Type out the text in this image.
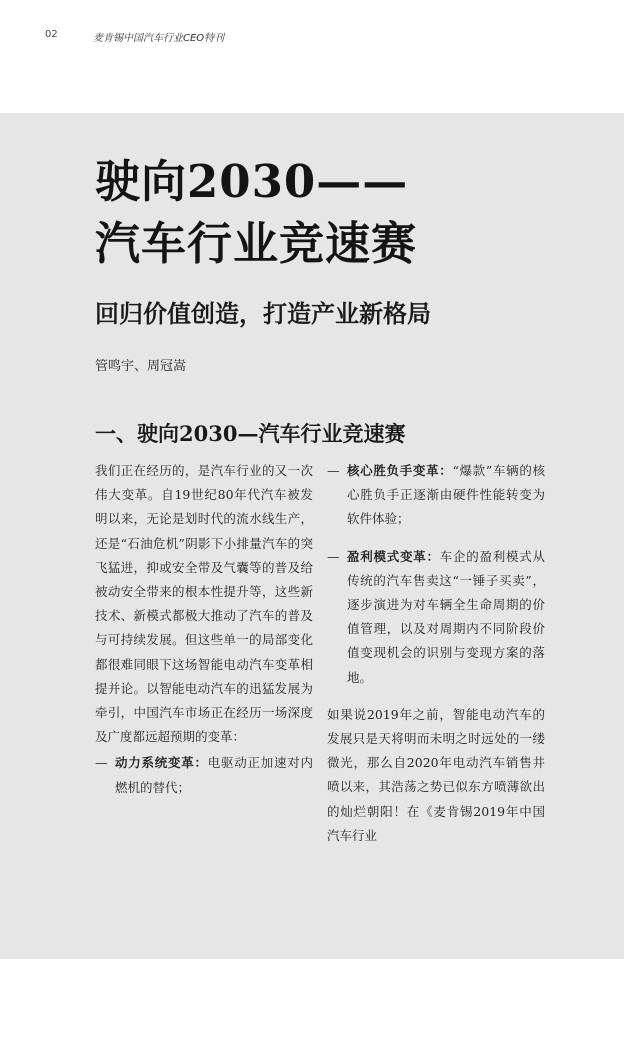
02	麦肯锡中国汽车行业CEO特刊
驶向2030——
汽车行业竞速赛
回归价值创造，打造产业新格局
管鸣宇、周冠嵩
一、驶向2030—汽车行业竞速赛

我们正在经历的，是汽车行业的又一次伟大变革。自19世纪80年代汽车被发明以来，无论是划时代的流水线生产，还是“石油危机”阴影下小排量汽车的突飞猛进，抑或安全带及气囊等的普及给被动安全带来的根本性提升等，这些新技术、新模式都极大推动了汽车的普及与可持续发展。但这些单一的局部变化都很难同眼下这场智能电动汽车变革相提并论。以智能电动汽车的迅猛发展为牵引，中国汽车市场正在经历一场深度及广度都远超预期的变革：

— 动力系统变革：电驱动正加速对内燃机的替代；
— 核心胜负手变革：“爆款”车辆的核心胜负手正逐渐由硬件性能转变为软件体验；
— 盈利模式变革：车企的盈利模式从传统的汽车售卖这“一锤子买卖”，逐步演进为对车辆全生命周期的价值管理，以及对周期内不同阶段价值变现机会的识别与变现方案的落地。

如果说2019年之前，智能电动汽车的发展只是天将明而未明之时远处的一缕微光，那么自2020年电动汽车销售井喷以来，其浩荡之势已似东方喷薄欲出的灿烂朝阳！在《麦肯锡2019年中国汽车行业
